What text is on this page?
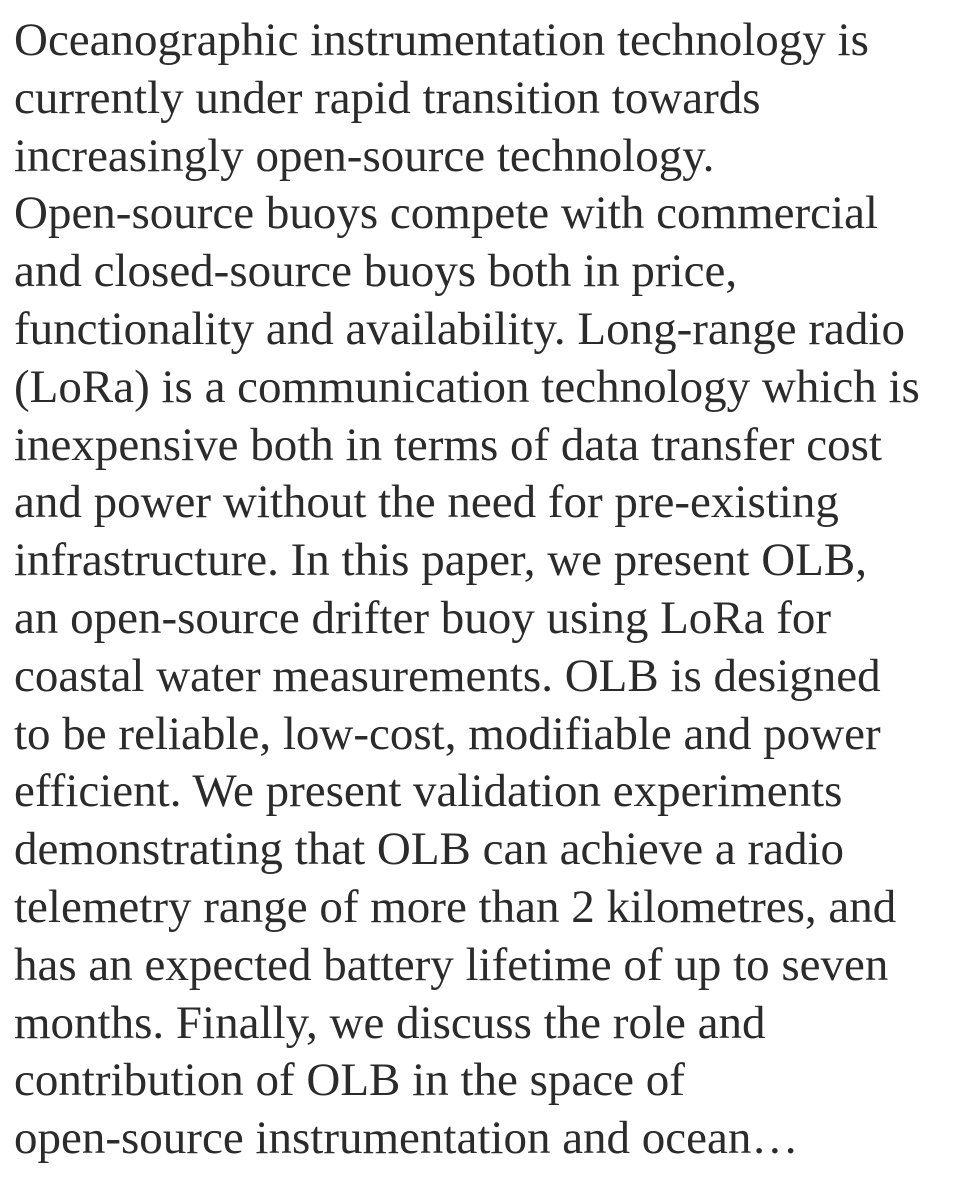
Oceanographic instrumentation technology is
currently under rapid transition towards
increasingly open-source technology.
Open-source buoys compete with commercial
and closed-source buoys both in price,
functionality and availability. Long-range radio
(LoRa) is a communication technology which is
inexpensive both in terms of data transfer cost
and power without the need for pre-existing
infrastructure. In this paper, we present OLB,
an open-source drifter buoy using LoRa for
coastal water measurements. OLB is designed
to be reliable, low-cost, modifiable and power
efficient. We present validation experiments
demonstrating that OLB can achieve a radio
telemetry range of more than 2 kilometres, and
has an expected battery lifetime of up to seven
months. Finally, we discuss the role and
contribution of OLB in the space of
open-source instrumentation and ocean…
